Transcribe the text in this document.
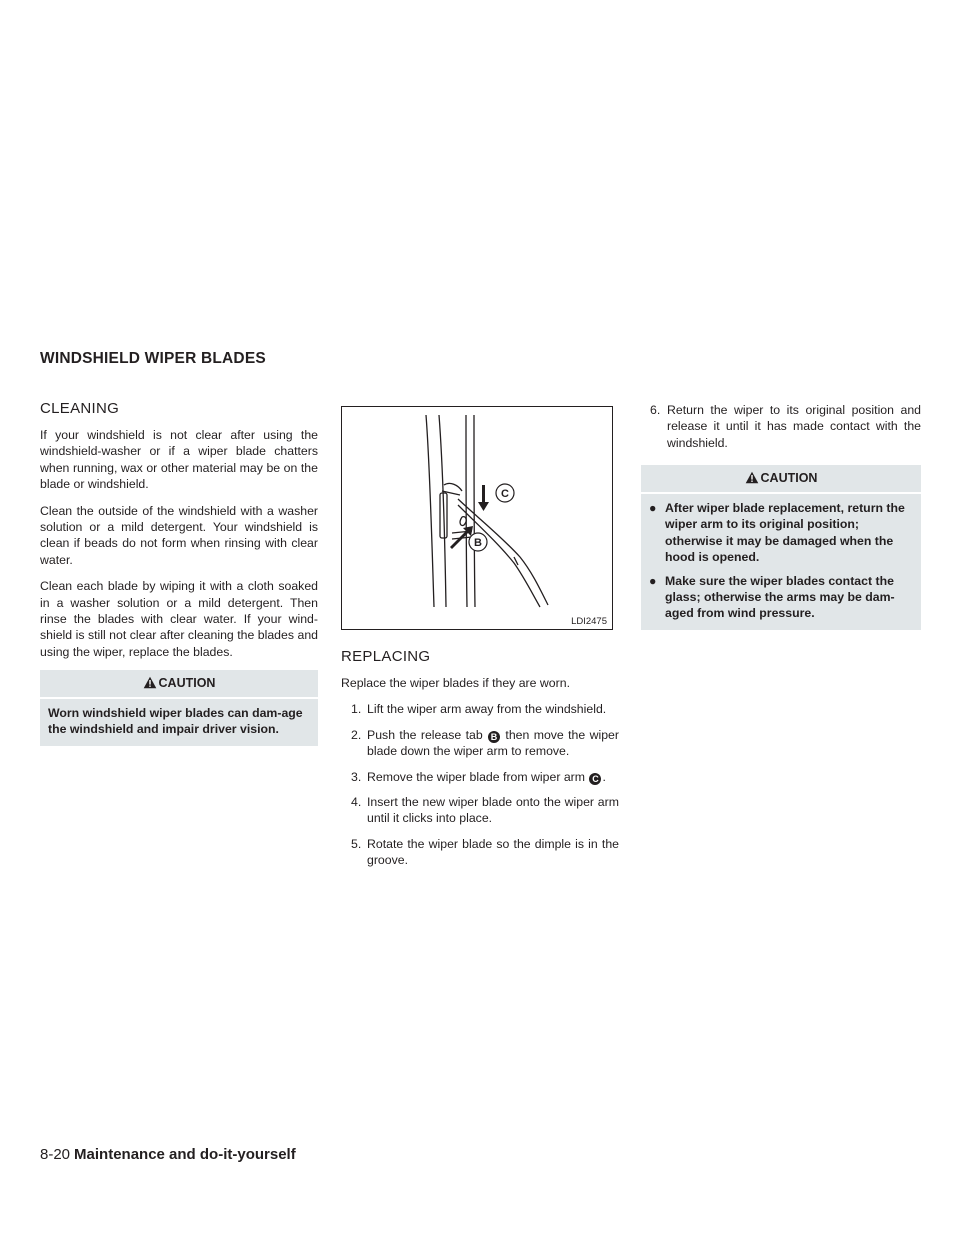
WINDSHIELD WIPER BLADES
CLEANING

If your windshield is not clear after using the windshield-washer or if a wiper blade chatters when running, wax or other material may be on the blade or windshield.

Clean the outside of the windshield with a washer solution or a mild detergent. Your windshield is clean if beads do not form when rinsing with clear water.

Clean each blade by wiping it with a cloth soaked in a washer solution or a mild detergent. Then rinse the blades with clear water. If your wind-shield is still not clear after cleaning the blades and using the wiper, replace the blades.

CAUTION
Worn windshield wiper blades can dam-age the windshield and impair driver vision.
C
B
LDI2475
REPLACING

Replace the wiper blades if they are worn.

1. Lift the wiper arm away from the windshield.
2. Push the release tab B then move the wiper blade down the wiper arm to remove.
3. Remove the wiper blade from wiper arm C .
4. Insert the new wiper blade onto the wiper arm until it clicks into place.
5. Rotate the wiper blade so the dimple is in the groove.
6. Return the wiper to its original position and release it until it has made contact with the windshield.
CAUTION
● After wiper blade replacement, return the wiper arm to its original position; otherwise it may be damaged when the hood is opened.
● Make sure the wiper blades contact the glass; otherwise the arms may be dam-aged from wind pressure.
8-20 Maintenance and do-it-yourself
